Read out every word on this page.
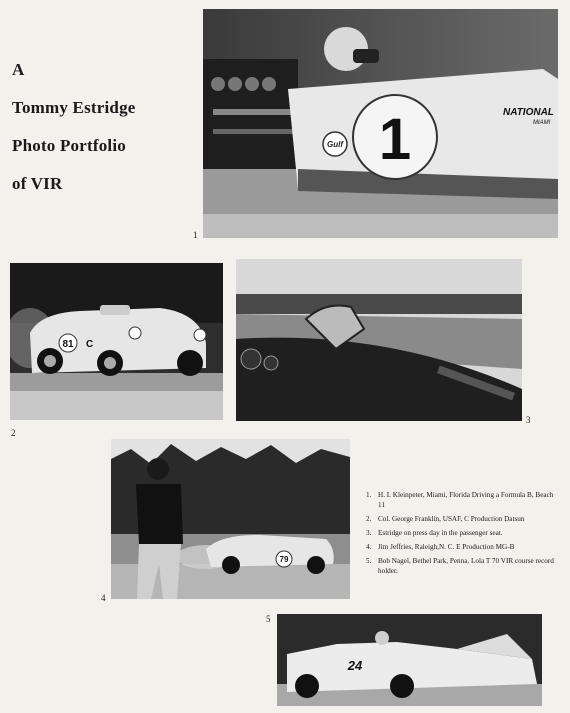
A
Tommy Estridge
Photo Portfolio
of VIR
1
Gulf
NATIONAL
MIAMI
1
81 C
2
3
79
4
1. H. I. Kleinpeter, Miami, Florida Driving a Formula B, Beach 11
2. Col. George Franklin, USAF, C Production Datsun
3. Estridge on press day in the passenger seat.
4. Jim Jeffries, Raleigh,N. C. E Production MG-B
5. Bob Nagel, Bethel Park, Penna. Lola T 70 VIR course record holder.
5
24
